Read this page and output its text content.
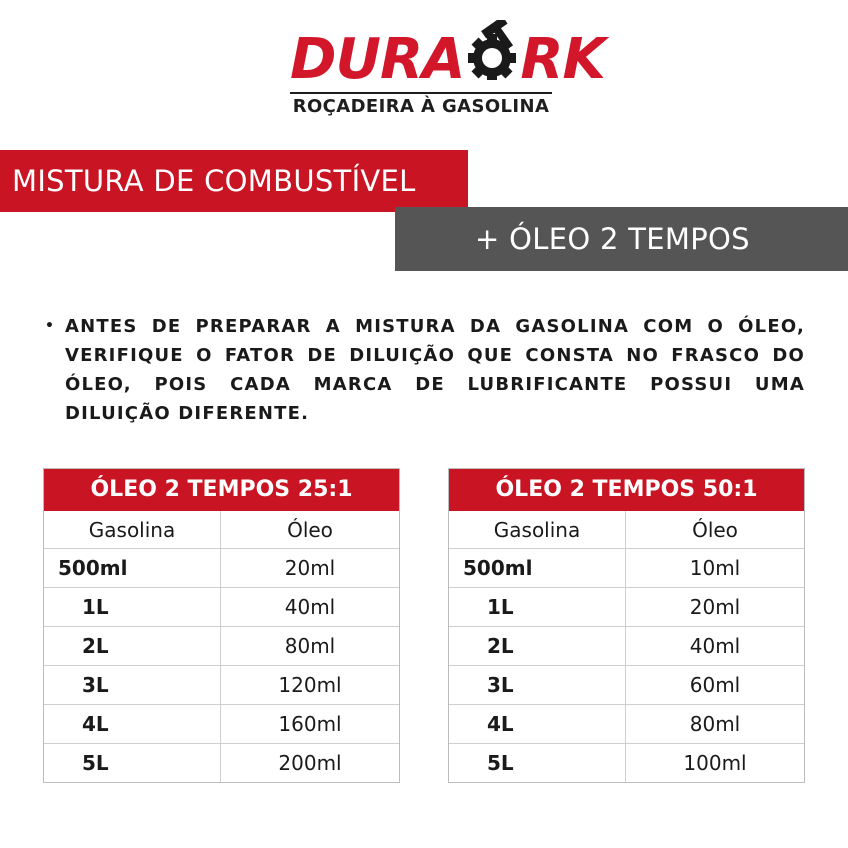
DURA RK
ROÇADEIRA À GASOLINA
MISTURA DE COMBUSTÍVEL
+ ÓLEO 2 TEMPOS
• ANTES DE PREPARAR A MISTURA DA GASOLINA COM O ÓLEO, VERIFIQUE O FATOR DE DILUIÇÃO QUE CONSTA NO FRASCO DO ÓLEO, POIS CADA MARCA DE LUBRIFICANTE POSSUI UMA DILUIÇÃO DIFERENTE.
ÓLEO 2 TEMPOS 25:1
Gasolina	Óleo
500ml	20ml
1L	40ml
2L	80ml
3L	120ml
4L	160ml
5L	200ml
ÓLEO 2 TEMPOS 50:1
Gasolina	Óleo
500ml	10ml
1L	20ml
2L	40ml
3L	60ml
4L	80ml
5L	100ml
